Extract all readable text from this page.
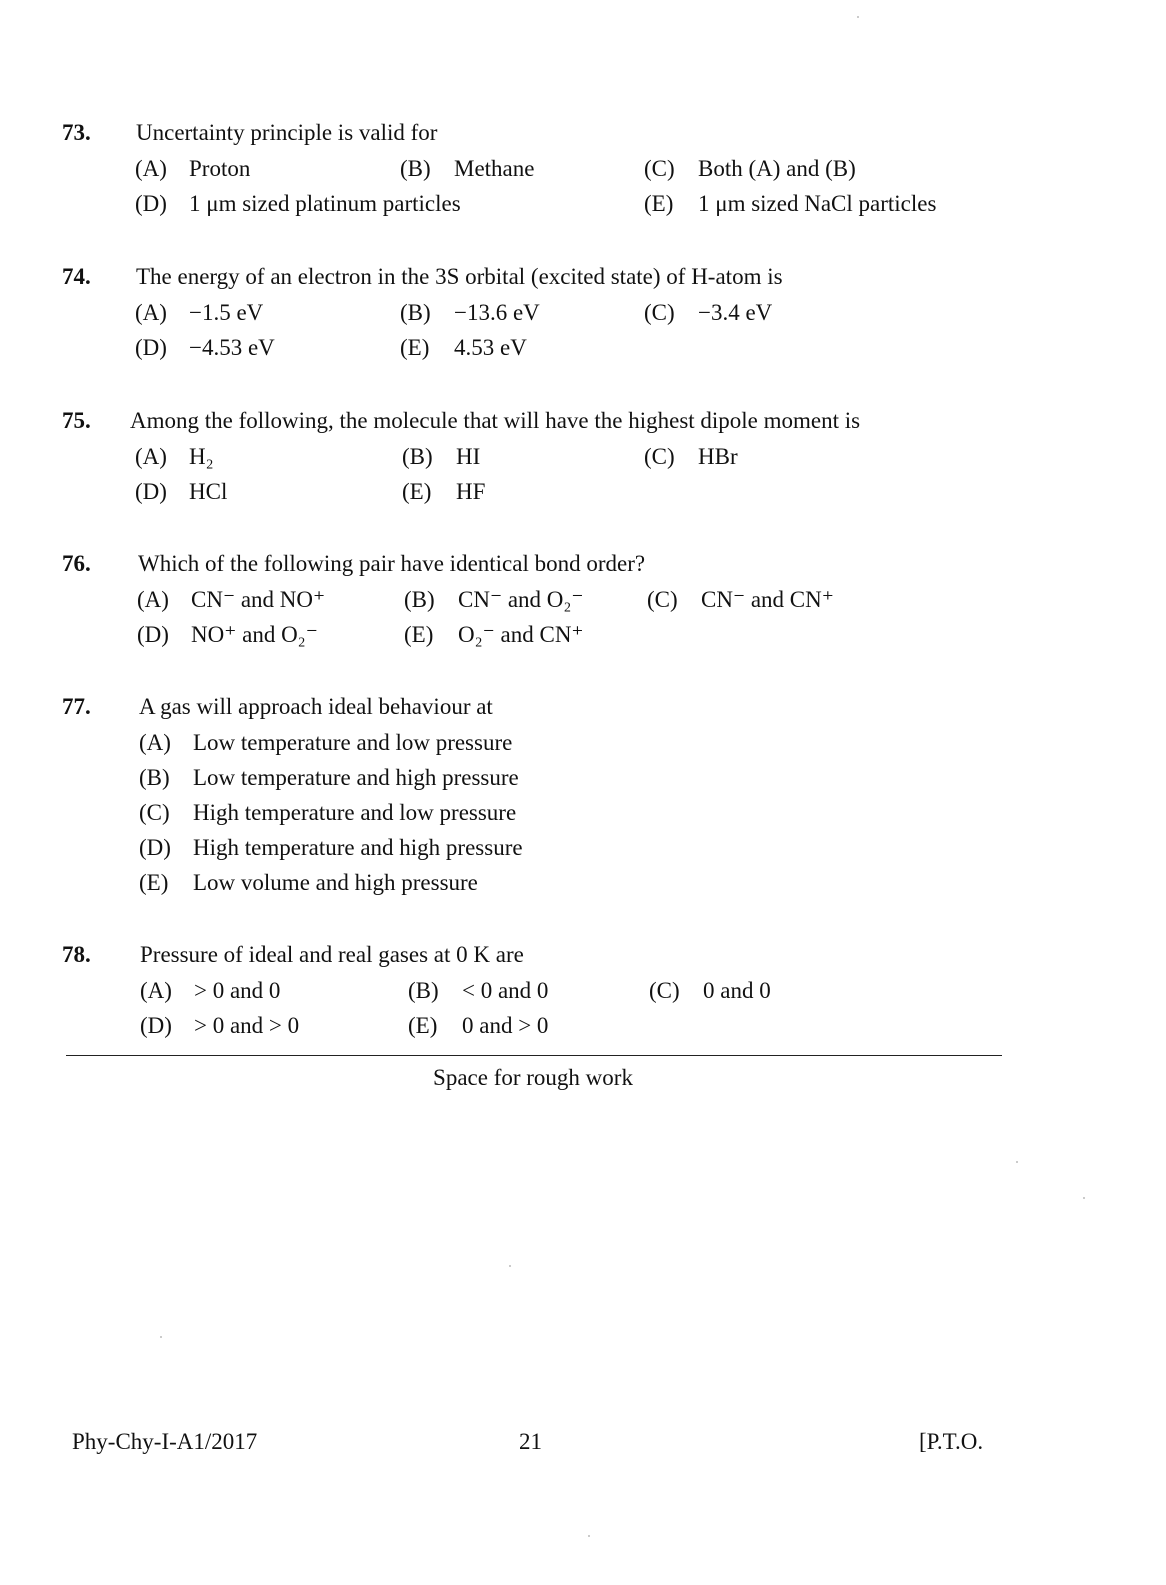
73. Uncertainty principle is valid for
(A) Proton	(B) Methane	(C) Both (A) and (B)
(D) 1 μm sized platinum particles	(E) 1 μm sized NaCl particles
74. The energy of an electron in the 3S orbital (excited state) of H-atom is
(A) −1.5 eV	(B) −13.6 eV	(C) −3.4 eV
(D) −4.53 eV	(E) 4.53 eV
75. Among the following, the molecule that will have the highest dipole moment is
(A) H₂	(B) HI	(C) HBr
(D) HCl	(E) HF
76. Which of the following pair have identical bond order?
(A) CN⁻ and NO⁺	(B) CN⁻ and O₂⁻	(C) CN⁻ and CN⁺
(D) NO⁺ and O₂⁻	(E) O₂⁻ and CN⁺
77. A gas will approach ideal behaviour at
(A) Low temperature and low pressure
(B) Low temperature and high pressure
(C) High temperature and low pressure
(D) High temperature and high pressure
(E) Low volume and high pressure
78. Pressure of ideal and real gases at 0 K are
(A) > 0 and 0	(B) < 0 and 0	(C) 0 and 0
(D) > 0 and > 0	(E) 0 and > 0
Space for rough work
Phy-Chy-I-A1/2017	21	[P.T.O.
